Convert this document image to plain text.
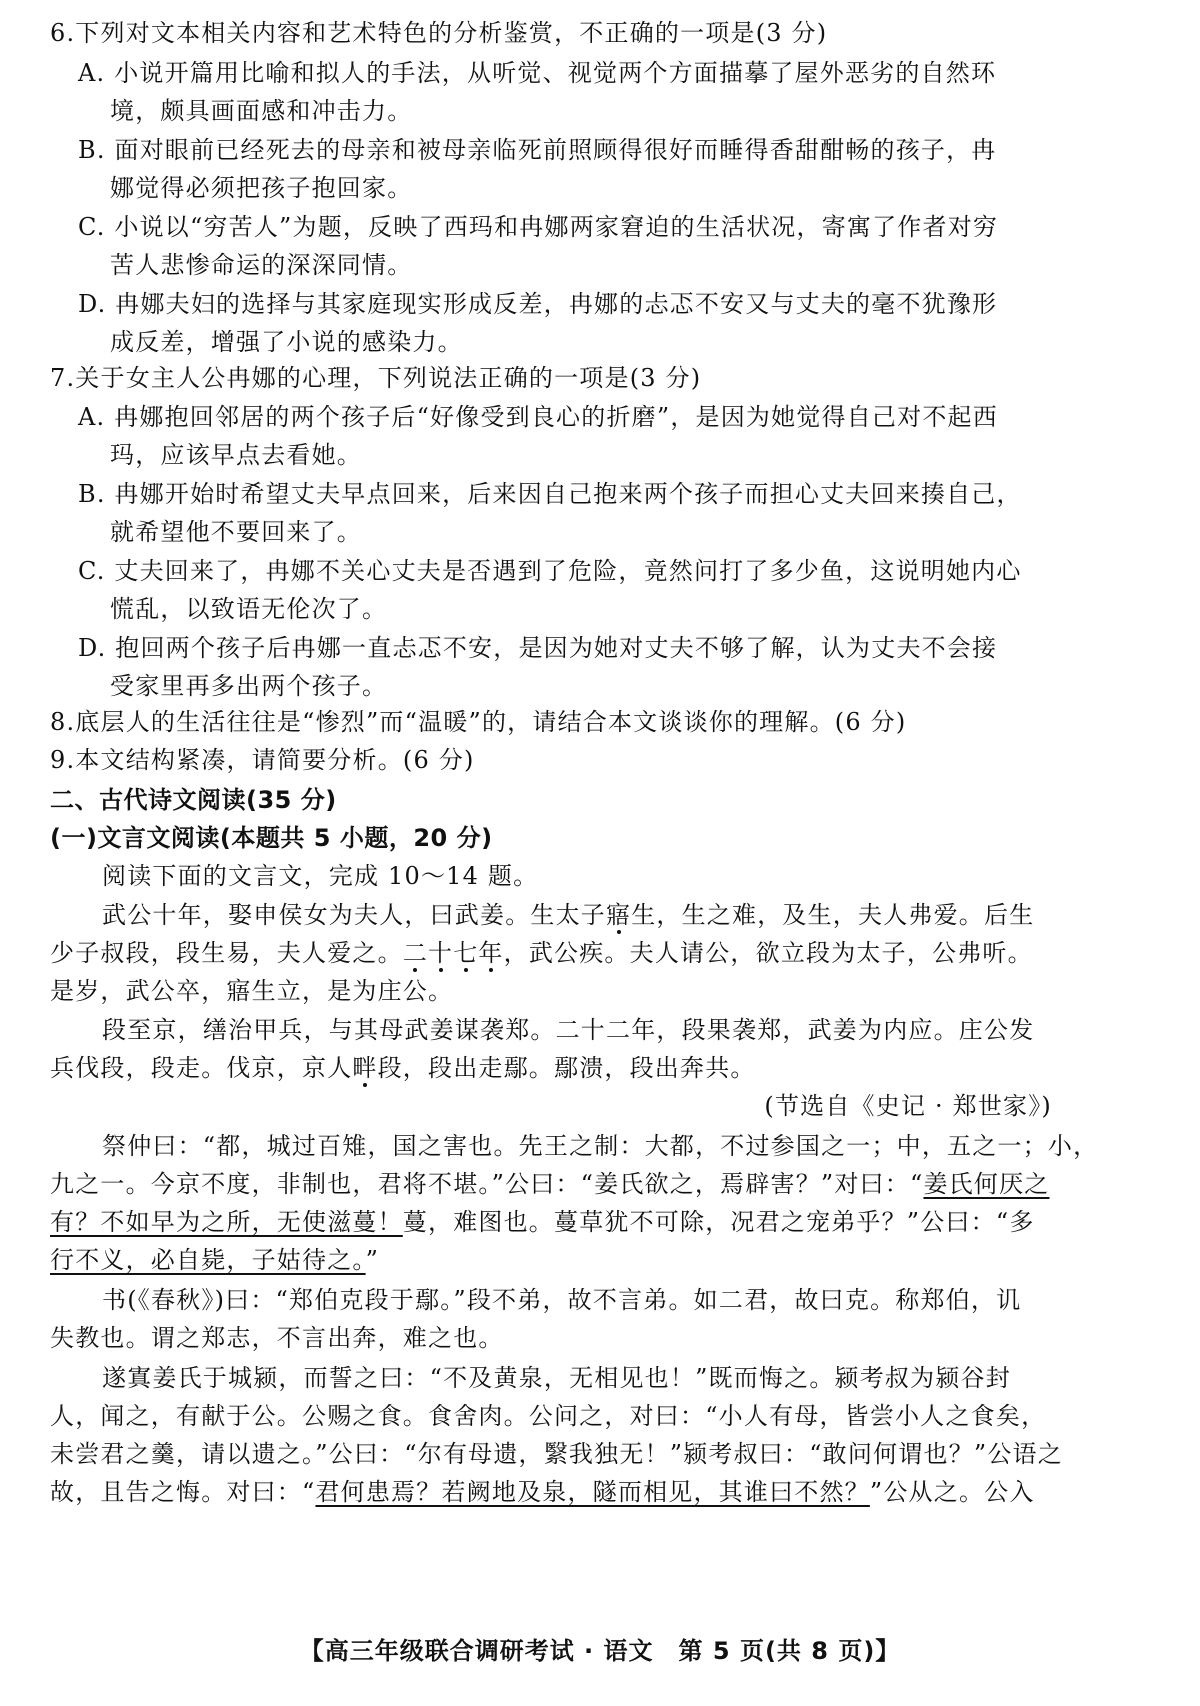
6.下列对文本相关内容和艺术特色的分析鉴赏，不正确的一项是(3 分)
A. 小说开篇用比喻和拟人的手法，从听觉、视觉两个方面描摹了屋外恶劣的自然环
境，颇具画面感和冲击力。
B. 面对眼前已经死去的母亲和被母亲临死前照顾得很好而睡得香甜酣畅的孩子，冉
娜觉得必须把孩子抱回家。
C. 小说以“穷苦人”为题，反映了西玛和冉娜两家窘迫的生活状况，寄寓了作者对穷
苦人悲惨命运的深深同情。
D. 冉娜夫妇的选择与其家庭现实形成反差，冉娜的忐忑不安又与丈夫的毫不犹豫形
成反差，增强了小说的感染力。
7.关于女主人公冉娜的心理，下列说法正确的一项是(3 分)
A. 冉娜抱回邻居的两个孩子后“好像受到良心的折磨”，是因为她觉得自己对不起西
玛，应该早点去看她。
B. 冉娜开始时希望丈夫早点回来，后来因自己抱来两个孩子而担心丈夫回来揍自己，
就希望他不要回来了。
C. 丈夫回来了，冉娜不关心丈夫是否遇到了危险，竟然问打了多少鱼，这说明她内心
慌乱，以致语无伦次了。
D. 抱回两个孩子后冉娜一直忐忑不安，是因为她对丈夫不够了解，认为丈夫不会接
受家里再多出两个孩子。
8.底层人的生活往往是“惨烈”而“温暖”的，请结合本文谈谈你的理解。(6 分)
9.本文结构紧凑，请简要分析。(6 分)
二、古代诗文阅读(35 分)
(一)文言文阅读(本题共 5 小题，20 分)
阅读下面的文言文，完成 10～14 题。
武公十年，娶申侯女为夫人，曰武姜。生太子寤生，生之难，及生，夫人弗爱。后生
少子叔段，段生易，夫人爱之。二十七年，武公疾。夫人请公，欲立段为太子，公弗听。
是岁，武公卒，寤生立，是为庄公。
段至京，缮治甲兵，与其母武姜谋袭郑。二十二年，段果袭郑，武姜为内应。庄公发
兵伐段，段走。伐京，京人畔段，段出走鄢。鄢溃，段出奔共。
(节选自《史记 · 郑世家》)
祭仲曰：“都，城过百雉，国之害也。先王之制：大都，不过参国之一；中，五之一；小，
九之一。今京不度，非制也，君将不堪。”公曰：“姜氏欲之，焉辟害？”对曰：“姜氏何厌之
有？不如早为之所，无使滋蔓！蔓，难图也。蔓草犹不可除，况君之宠弟乎？”公曰：“多
行不义，必自毙，子姑待之。”
书(《春秋》)曰：“郑伯克段于鄢。”段不弟，故不言弟。如二君，故曰克。称郑伯，讥
失教也。谓之郑志，不言出奔，难之也。
遂寘姜氏于城颍，而誓之曰：“不及黄泉，无相见也！”既而悔之。颍考叔为颍谷封
人，闻之，有献于公。公赐之食。食舍肉。公问之，对曰：“小人有母，皆尝小人之食矣，
未尝君之羹，请以遗之。”公曰：“尔有母遗，繄我独无！”颍考叔曰：“敢问何谓也？”公语之
故，且告之悔。对曰：“君何患焉？若阙地及泉，隧而相见，其谁曰不然？”公从之。公入
【高三年级联合调研考试 · 语文　第 5 页(共 8 页)】
